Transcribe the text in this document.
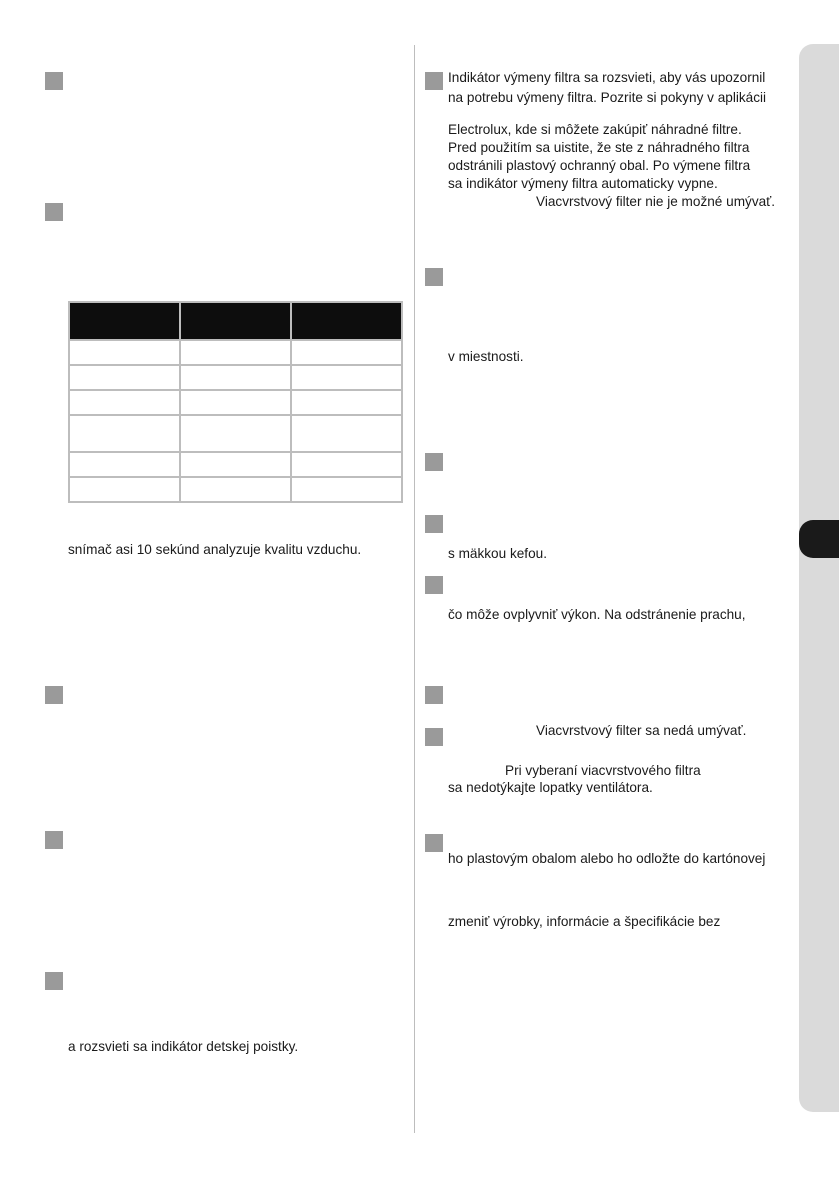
snímač asi 10 sekúnd analyzuje kvalitu vzduchu.
a rozsvieti sa indikátor detskej poistky.
Indikátor výmeny filtra sa rozsvieti, aby vás upozornil
na potrebu výmeny filtra. Pozrite si pokyny v aplikácii
Electrolux, kde si môžete zakúpiť náhradné filtre.
Pred použitím sa uistite, že ste z náhradného filtra
odstránili plastový ochranný obal. Po výmene filtra
sa indikátor výmeny filtra automaticky vypne.
Viacvrstvový filter nie je možné umývať.
v miestnosti.
s mäkkou kefou.
čo môže ovplyvniť výkon. Na odstránenie prachu,
Viacvrstvový filter sa nedá umývať.
Pri vyberaní viacvrstvového filtra
sa nedotýkajte lopatky ventilátora.
ho plastovým obalom alebo ho odložte do kartónovej
zmeniť výrobky, informácie a špecifikácie bez
